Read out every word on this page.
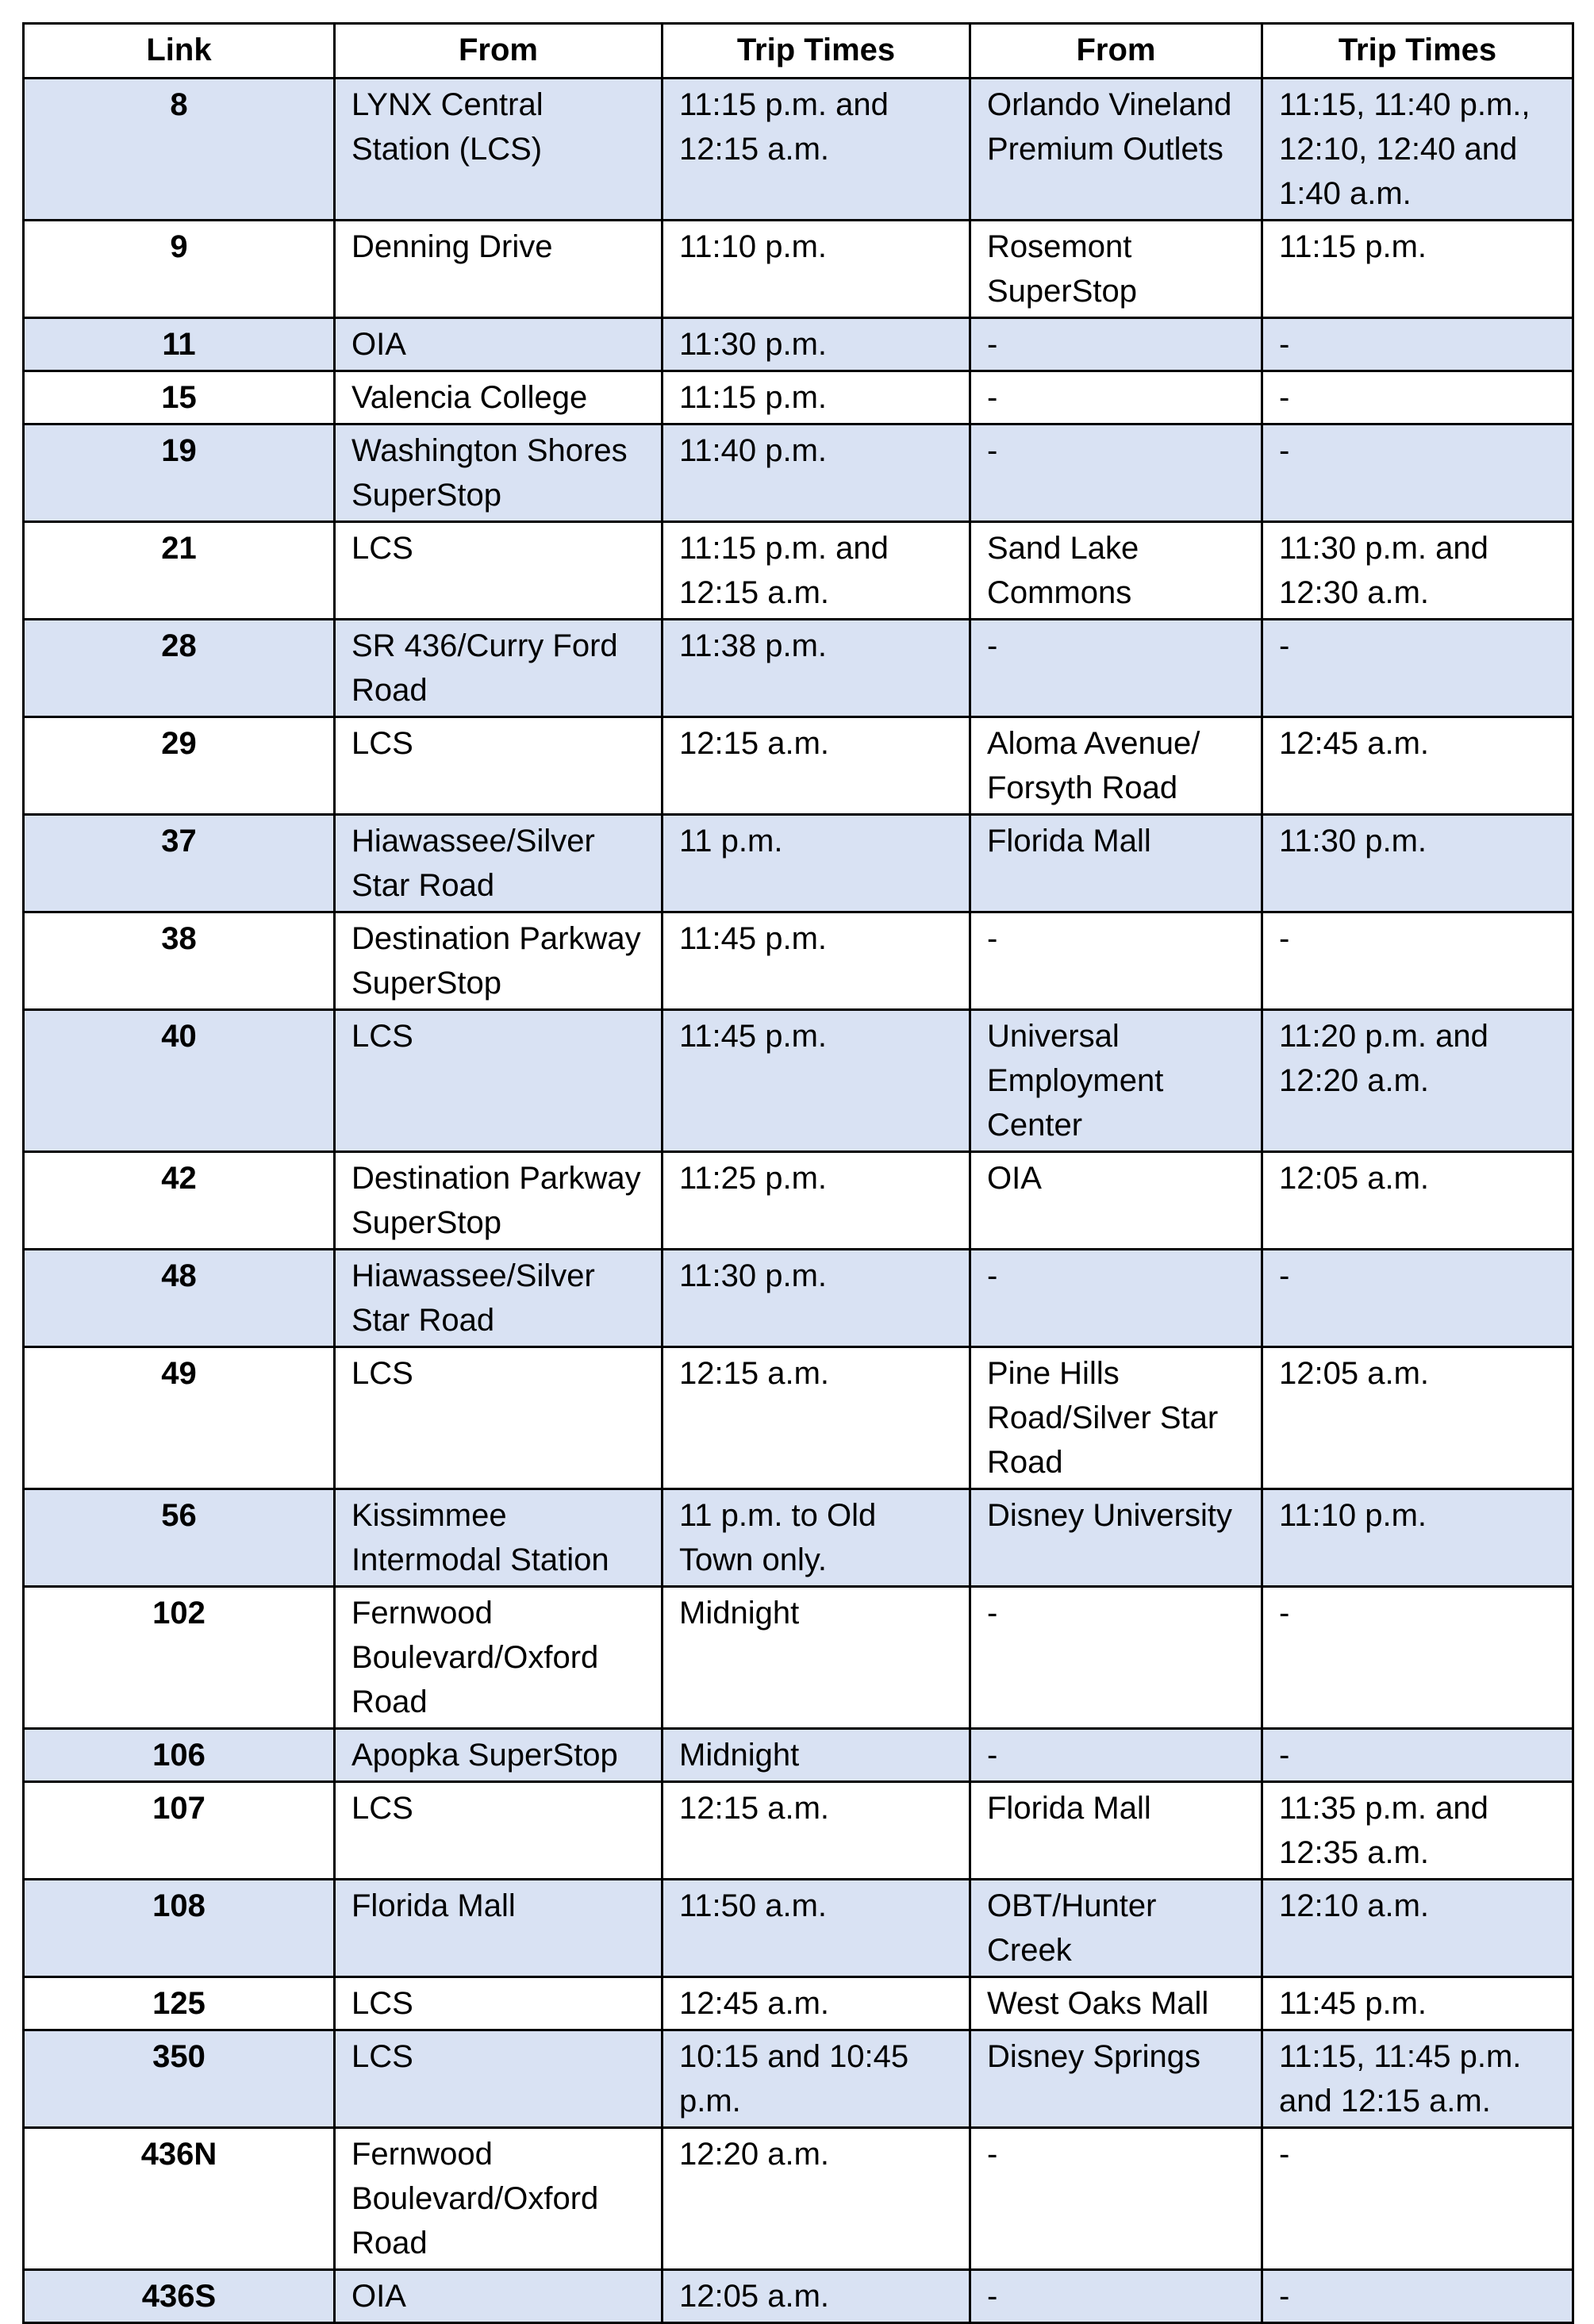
Link	From	Trip Times	From	Trip Times
8	LYNX Central Station (LCS)	11:15 p.m. and 12:15 a.m.	Orlando Vineland Premium Outlets	11:15, 11:40 p.m., 12:10, 12:40 and 1:40 a.m.
9	Denning Drive	11:10 p.m.	Rosemont SuperStop	11:15 p.m.
11	OIA	11:30 p.m.	-	-
15	Valencia College	11:15 p.m.	-	-
19	Washington Shores SuperStop	11:40 p.m.	-	-
21	LCS	11:15 p.m. and 12:15 a.m.	Sand Lake Commons	11:30 p.m. and 12:30 a.m.
28	SR 436/Curry Ford Road	11:38 p.m.	-	-
29	LCS	12:15 a.m.	Aloma Avenue/ Forsyth Road	12:45 a.m.
37	Hiawassee/Silver Star Road	11 p.m.	Florida Mall	11:30 p.m.
38	Destination Parkway SuperStop	11:45 p.m.	-	-
40	LCS	11:45 p.m.	Universal Employment Center	11:20 p.m. and 12:20 a.m.
42	Destination Parkway SuperStop	11:25 p.m.	OIA	12:05 a.m.
48	Hiawassee/Silver Star Road	11:30 p.m.	-	-
49	LCS	12:15 a.m.	Pine Hills Road/Silver Star Road	12:05 a.m.
56	Kissimmee Intermodal Station	11 p.m. to Old Town only.	Disney University	11:10 p.m.
102	Fernwood Boulevard/Oxford Road	Midnight	-	-
106	Apopka SuperStop	Midnight	-	-
107	LCS	12:15 a.m.	Florida Mall	11:35 p.m. and 12:35 a.m.
108	Florida Mall	11:50 a.m.	OBT/Hunter Creek	12:10 a.m.
125	LCS	12:45 a.m.	West Oaks Mall	11:45 p.m.
350	LCS	10:15 and 10:45 p.m.	Disney Springs	11:15, 11:45 p.m. and 12:15 a.m.
436N	Fernwood Boulevard/Oxford Road	12:20 a.m.	-	-
436S	OIA	12:05 a.m.	-	-
